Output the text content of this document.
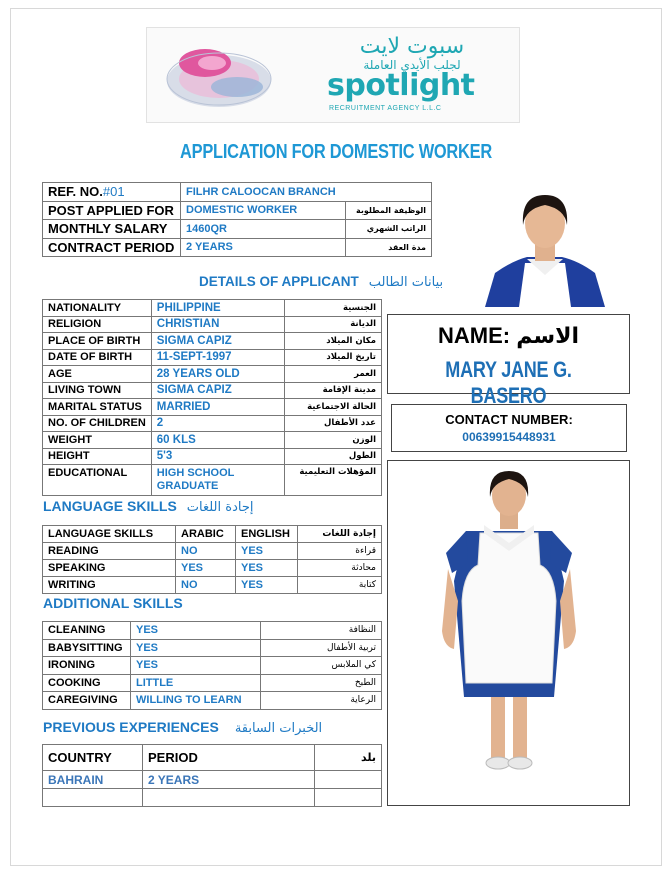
سبوت لايت
لجلب الأيدي العاملة
spotlight
RECRUITMENT AGENCY L.L.C
APPLICATION FOR DOMESTIC WORKER
REF. NO.#01	FILHR CALOOCAN BRANCH	
POST APPLIED FOR	DOMESTIC WORKER	الوظيفة المطلوبة
MONTHLY SALARY	1460QR	الراتب الشهري
CONTRACT PERIOD	2 YEARS	مدة العقد
NAME: الاسم
MARY JANE G. BASERO
CONTACT NUMBER:
00639915448931
DETAILS OF APPLICANT بيانات الطالب
NATIONALITY	PHILIPPINE	الجنسية
RELIGION	CHRISTIAN	الديانة
PLACE OF BIRTH	SIGMA CAPIZ	مكان الميلاد
DATE OF BIRTH	11-SEPT-1997	تاريخ الميلاد
AGE	28 YEARS OLD	العمر
LIVING TOWN	SIGMA CAPIZ	مدينة الإقامة
MARITAL STATUS	MARRIED	الحالة الاجتماعية
NO. OF CHILDREN	2	عدد الأطفال
WEIGHT	60 KLS	الوزن
HEIGHT	5'3	الطول
EDUCATIONAL	HIGH SCHOOL
GRADUATE	المؤهلات التعليمية
LANGUAGE SKILLS إجادة اللغات
LANGUAGE SKILLS	ARABIC	ENGLISH	إجادة اللغات
READING	NO	YES	قراءة
SPEAKING	YES	YES	محادثة
WRITING	NO	YES	كتابة
ADDITIONAL SKILLS
CLEANING	YES	النظافة
BABYSITTING	YES	تربية الأطفال
IRONING	YES	كي الملابس
COOKING	LITTLE	الطبخ
CAREGIVING	WILLING TO LEARN	الرعاية
PREVIOUS EXPERIENCES الخبرات السابقة
COUNTRY	PERIOD	بلد
BAHRAIN	2 YEARS	
